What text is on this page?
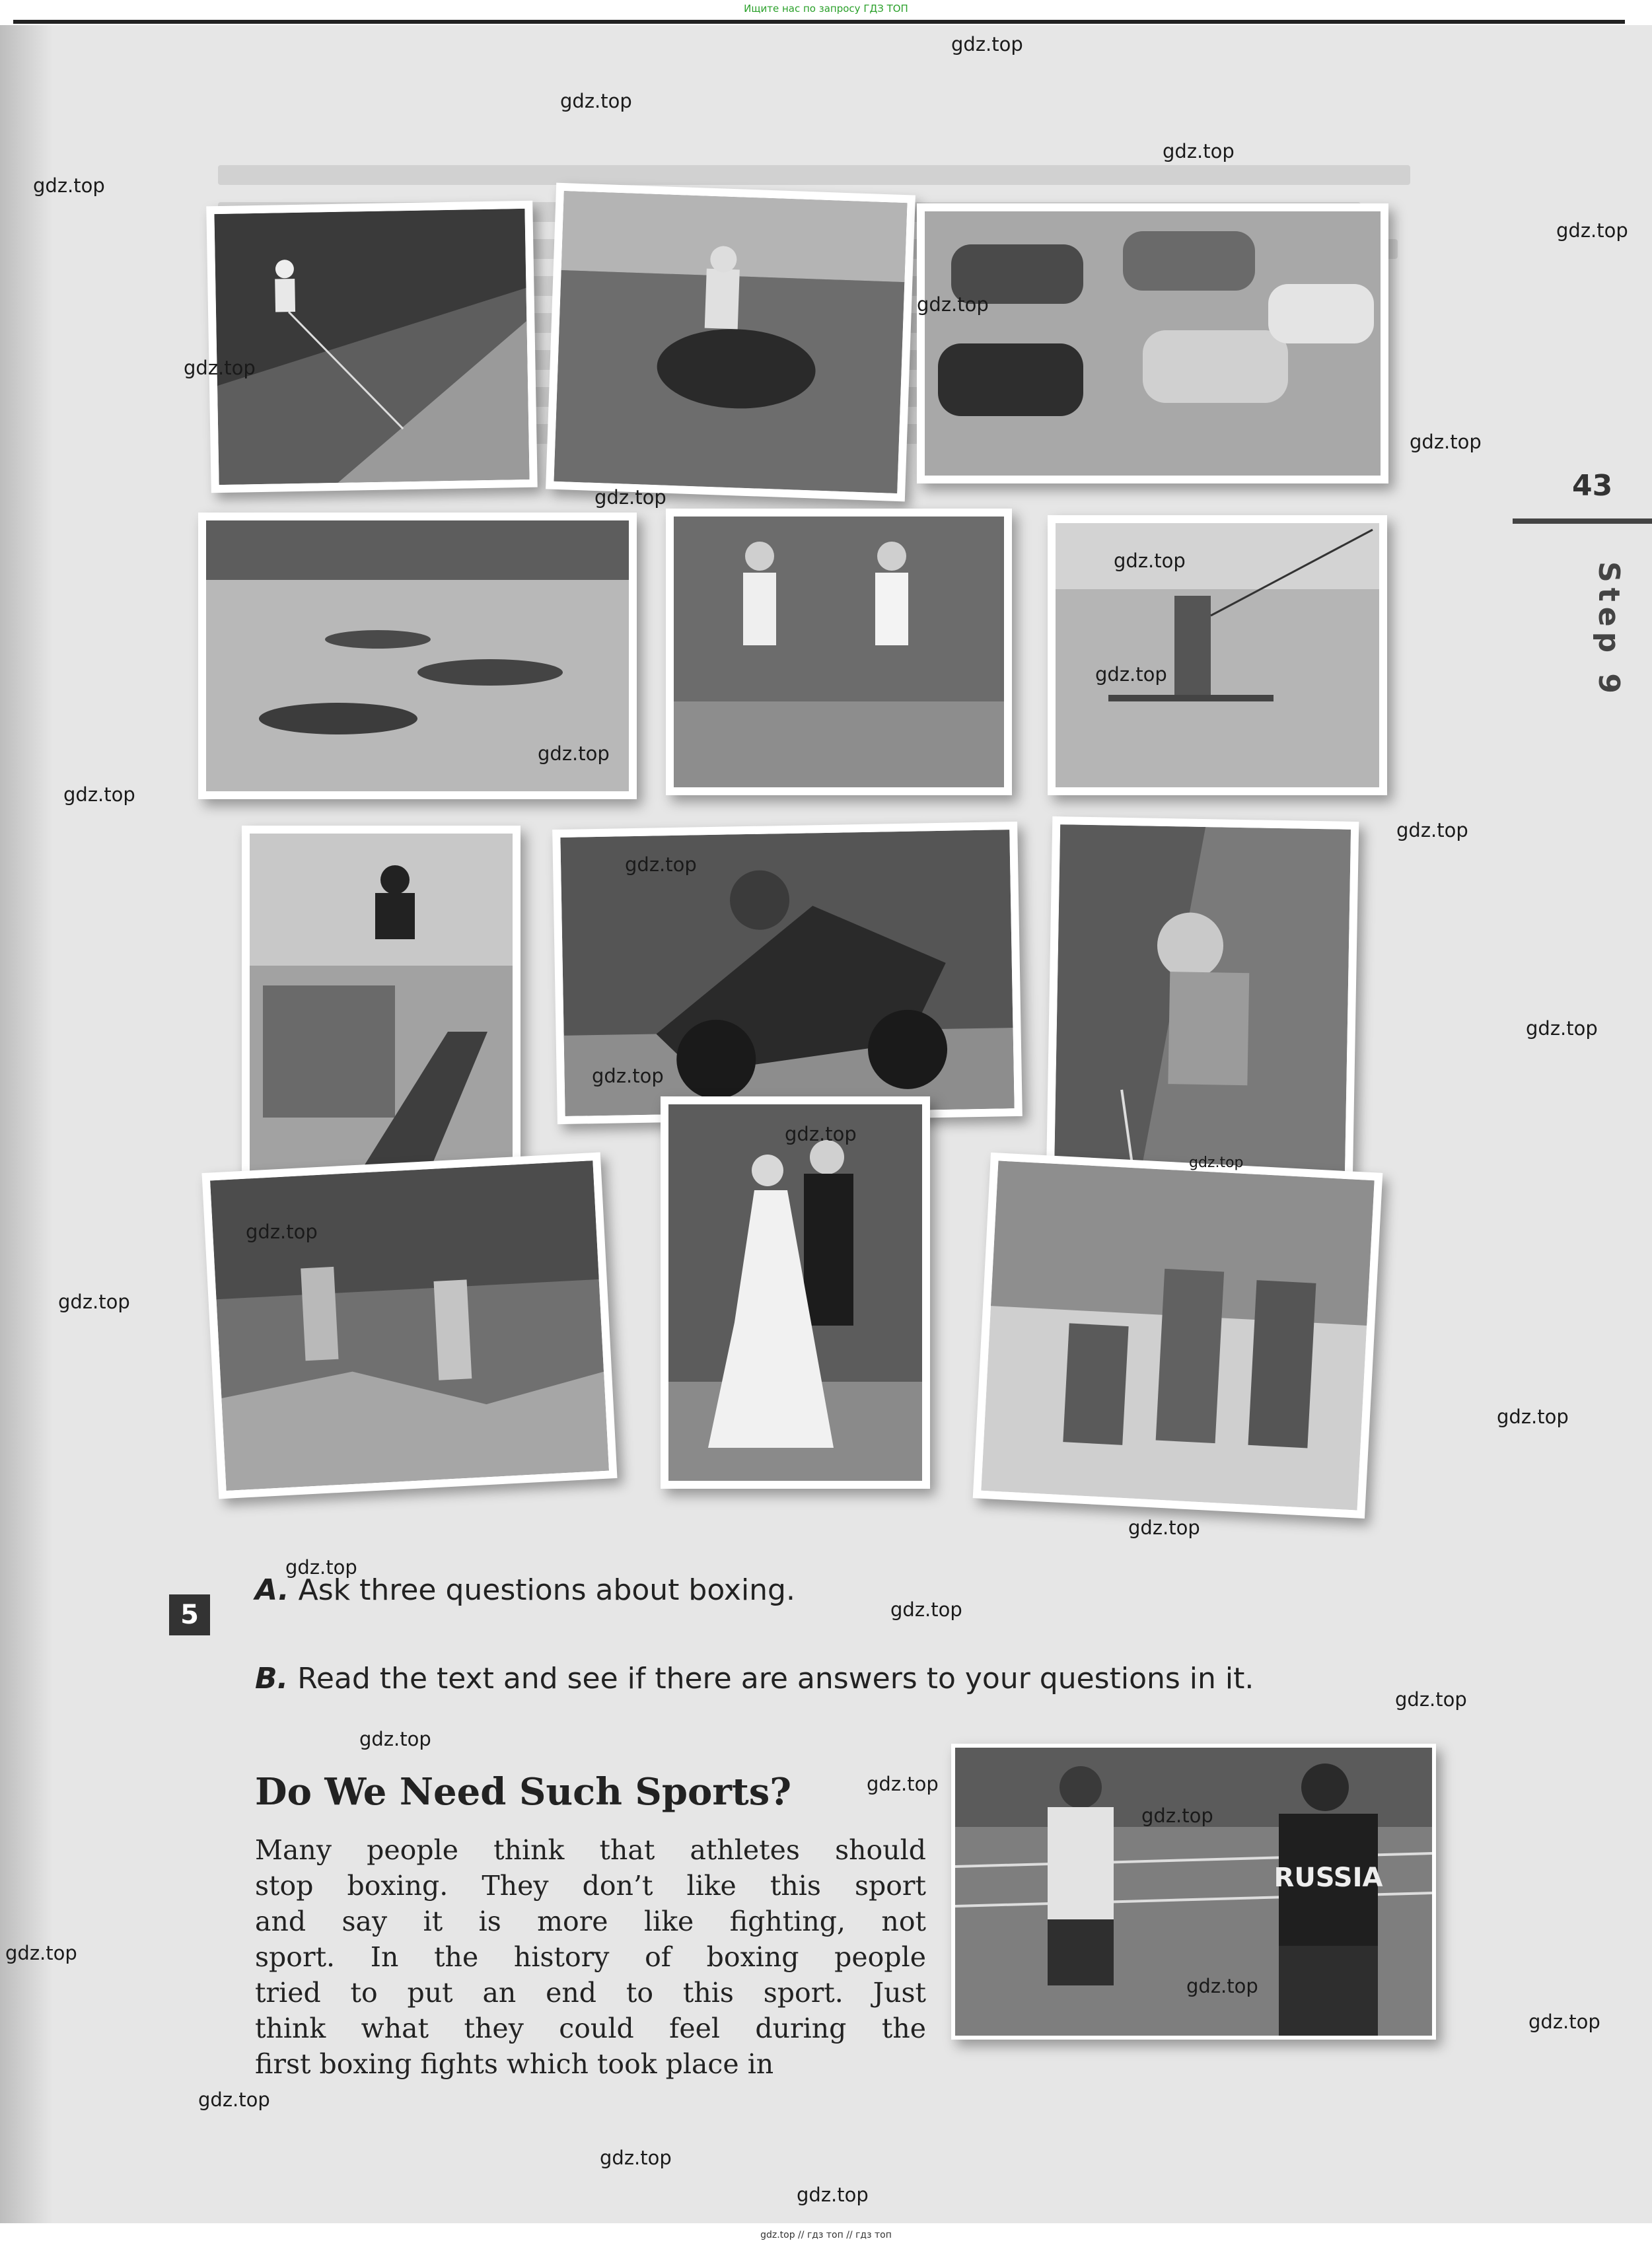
RUSSIA
43
Step 9
5
A. Ask three questions about boxing.
B. Read the text and see if there are answers to your questions in it.
Do We Need Such Sports?
Many people think that athletes should
stop boxing. They don’t like this sport
and say it is more like fighting, not
sport. In the history of boxing people
tried to put an end to this sport. Just
think what they could feel during the
first boxing fights which took place in
Ищите нас по запросу ГДЗ ТОП
gdz.top // гдз топ // гдз топ
gdz.top
gdz.top
gdz.top
gdz.top
gdz.top
gdz.top
gdz.top
gdz.top
gdz.top
gdz.top
gdz.top
gdz.top
gdz.top
gdz.top
gdz.top
gdz.top
gdz.top
gdz.top
gdz.top
gdz.top
gdz.top
gdz.top
gdz.top
gdz.top
gdz.top
gdz.top
gdz.top
gdz.top
gdz.top
gdz.top
gdz.top
gdz.top
gdz.top
gdz.top
gdz.top
